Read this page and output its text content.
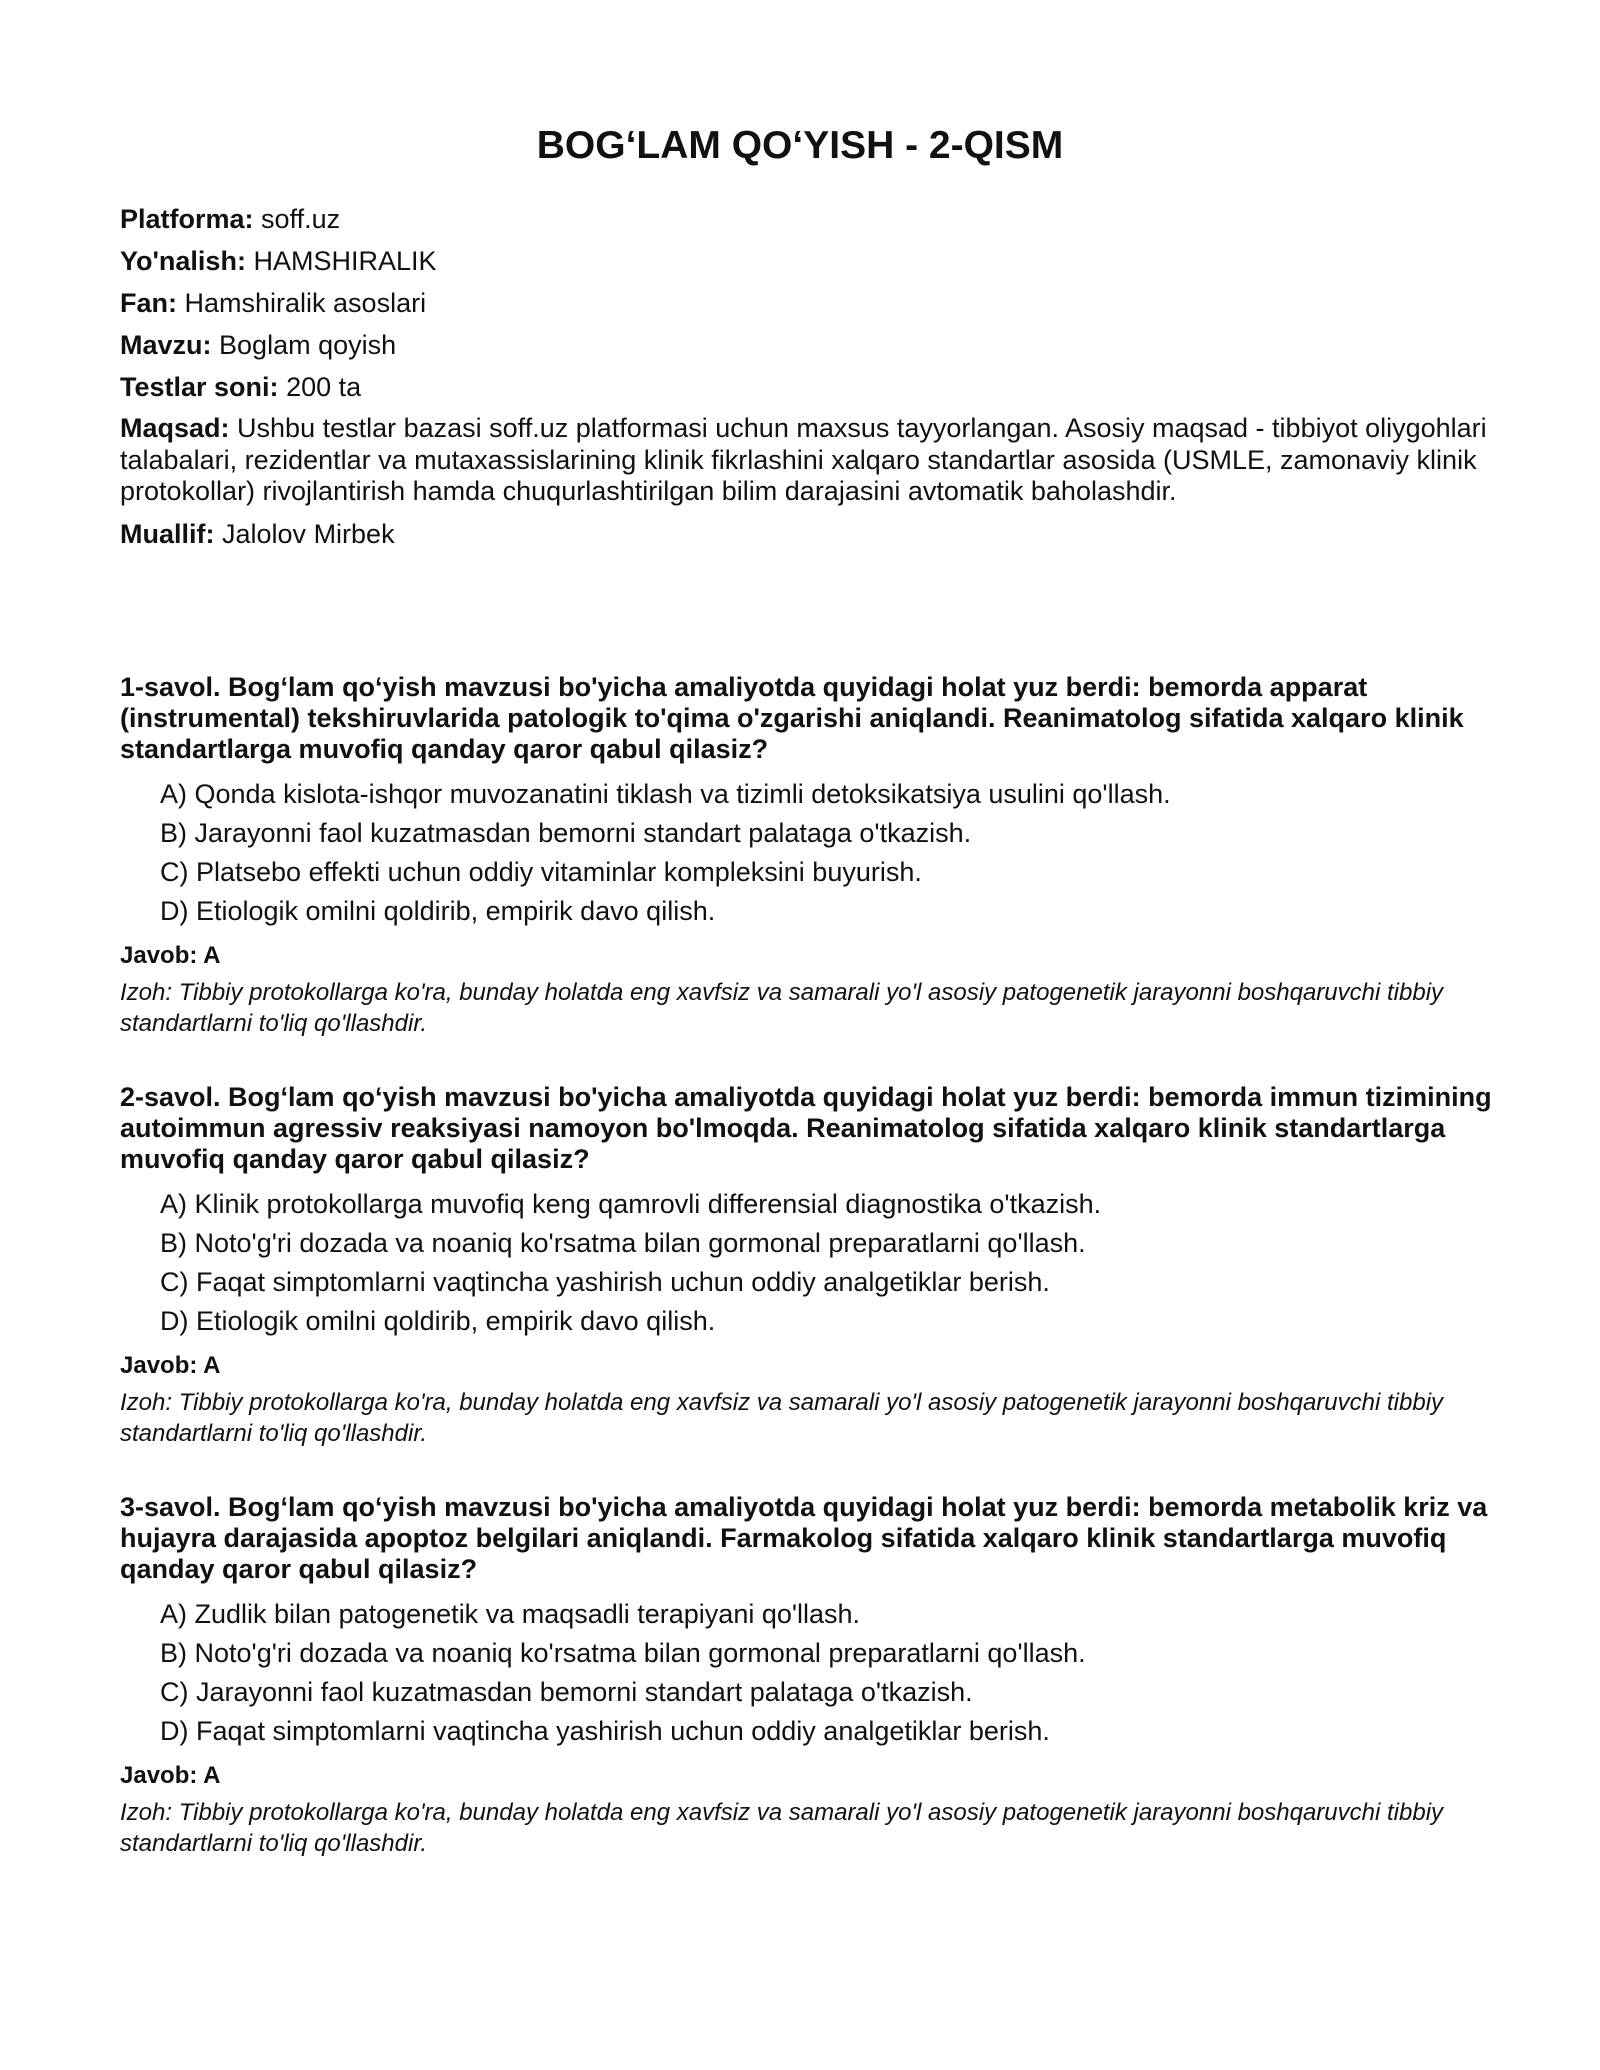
BOG‘LAM QO‘YISH - 2-QISM

Platforma: soff.uz

Yo'nalish: HAMSHIRALIK

Fan: Hamshiralik asoslari

Mavzu: Boglam qoyish

Testlar soni: 200 ta

Maqsad: Ushbu testlar bazasi soff.uz platformasi uchun maxsus tayyorlangan. Asosiy maqsad - tibbiyot oliygohlari talabalari, rezidentlar va mutaxassislarining klinik fikrlashini xalqaro standartlar asosida (USMLE, zamonaviy klinik protokollar) rivojlantirish hamda chuqurlashtirilgan bilim darajasini avtomatik baholashdir.

Muallif: Jalolov Mirbek

1-savol. Bog‘lam qo‘yish mavzusi bo'yicha amaliyotda quyidagi holat yuz berdi: bemorda apparat (instrumental) tekshiruvlarida patologik to'qima o'zgarishi aniqlandi. Reanimatolog sifatida xalqaro klinik standartlarga muvofiq qanday qaror qabul qilasiz?

A) Qonda kislota-ishqor muvozanatini tiklash va tizimli detoksikatsiya usulini qo'llash.

B) Jarayonni faol kuzatmasdan bemorni standart palataga o'tkazish.

C) Platsebo effekti uchun oddiy vitaminlar kompleksini buyurish.

D) Etiologik omilni qoldirib, empirik davo qilish.

Javob: A

Izoh: Tibbiy protokollarga ko'ra, bunday holatda eng xavfsiz va samarali yo'l asosiy patogenetik jarayonni boshqaruvchi tibbiy standartlarni to'liq qo'llashdir.

2-savol. Bog‘lam qo‘yish mavzusi bo'yicha amaliyotda quyidagi holat yuz berdi: bemorda immun tizimining autoimmun agressiv reaksiyasi namoyon bo'lmoqda. Reanimatolog sifatida xalqaro klinik standartlarga muvofiq qanday qaror qabul qilasiz?

A) Klinik protokollarga muvofiq keng qamrovli differensial diagnostika o'tkazish.

B) Noto'g'ri dozada va noaniq ko'rsatma bilan gormonal preparatlarni qo'llash.

C) Faqat simptomlarni vaqtincha yashirish uchun oddiy analgetiklar berish.

D) Etiologik omilni qoldirib, empirik davo qilish.

Javob: A

Izoh: Tibbiy protokollarga ko'ra, bunday holatda eng xavfsiz va samarali yo'l asosiy patogenetik jarayonni boshqaruvchi tibbiy standartlarni to'liq qo'llashdir.

3-savol. Bog‘lam qo‘yish mavzusi bo'yicha amaliyotda quyidagi holat yuz berdi: bemorda metabolik kriz va hujayra darajasida apoptoz belgilari aniqlandi. Farmakolog sifatida xalqaro klinik standartlarga muvofiq qanday qaror qabul qilasiz?

A) Zudlik bilan patogenetik va maqsadli terapiyani qo'llash.

B) Noto'g'ri dozada va noaniq ko'rsatma bilan gormonal preparatlarni qo'llash.

C) Jarayonni faol kuzatmasdan bemorni standart palataga o'tkazish.

D) Faqat simptomlarni vaqtincha yashirish uchun oddiy analgetiklar berish.

Javob: A

Izoh: Tibbiy protokollarga ko'ra, bunday holatda eng xavfsiz va samarali yo'l asosiy patogenetik jarayonni boshqaruvchi tibbiy standartlarni to'liq qo'llashdir.
